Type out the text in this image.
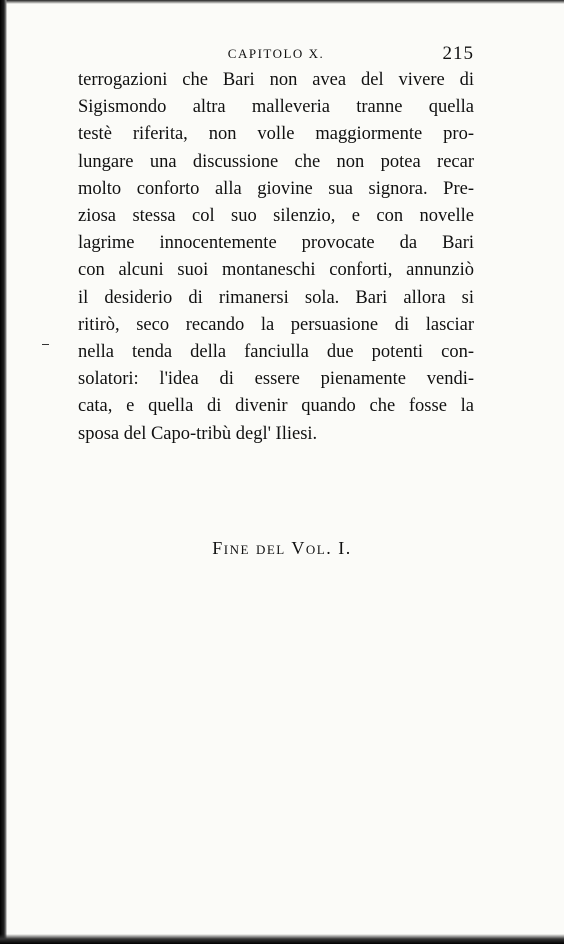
CAPITOLO X.	215
terrogazioni che Bari non avea del vivere di
Sigismondo altra malleveria tranne quella
testè riferita, non volle maggiormente pro-
lungare una discussione che non potea recar
molto conforto alla giovine sua signora. Pre-
ziosa stessa col suo silenzio, e con novelle
lagrime innocentemente provocate da Bari
con alcuni suoi montaneschi conforti, annunziò
il desiderio di rimanersi sola. Bari allora si
ritirò, seco recando la persuasione di lasciar
nella tenda della fanciulla due potenti con-
solatori: l'idea di essere pienamente vendi-
cata, e quella di divenir quando che fosse la
sposa del Capo-tribù degl' Iliesi.
Fine del Vol. I.
